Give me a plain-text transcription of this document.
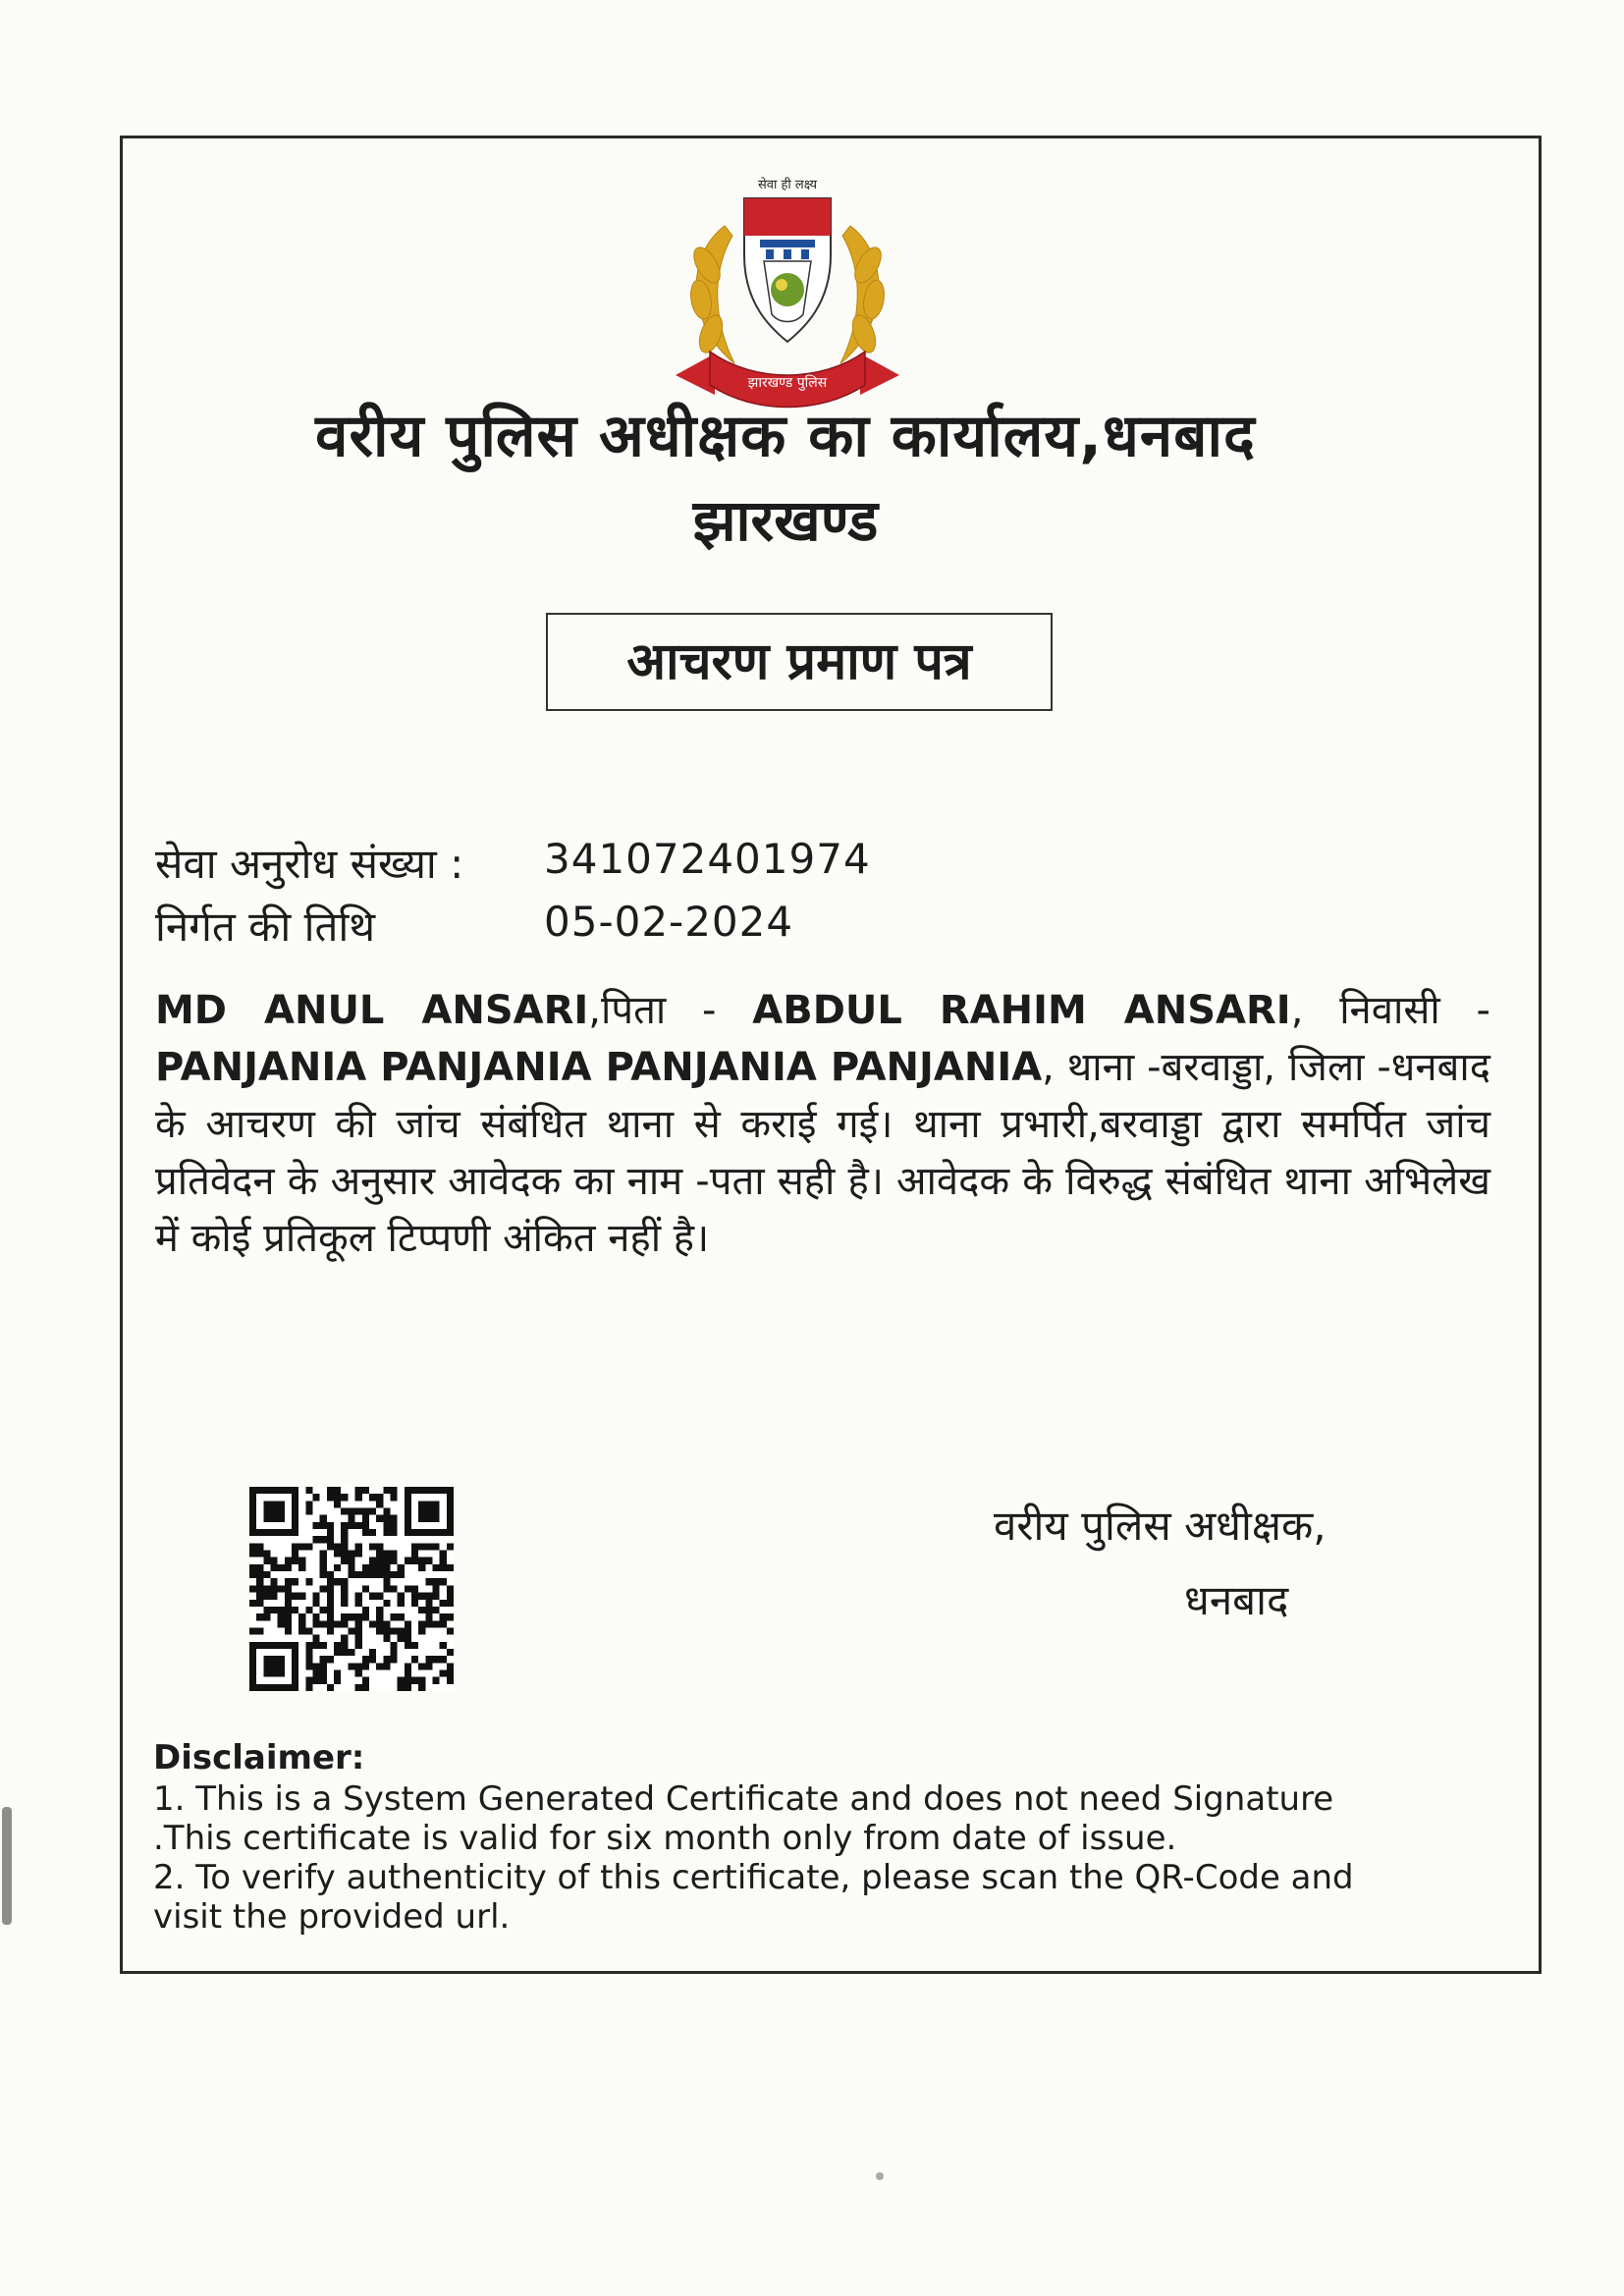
सेवा ही लक्ष्य
झारखण्ड पुलिस
वरीय पुलिस अधीक्षक का कार्यालय,धनबाद
झारखण्ड
आचरण प्रमाण पत्र
सेवा अनुरोध संख्या : 341072401974
निर्गत की तिथि	05-02-2024
MD ANUL ANSARI,पिता - ABDUL RAHIM ANSARI, निवासी - PANJANIA PANJANIA PANJANIA PANJANIA, थाना -बरवाड्डा, जिला -धनबाद के आचरण की जांच संबंधित थाना से कराई गई। थाना प्रभारी,बरवाड्डा द्वारा समर्पित जांच प्रतिवेदन के अनुसार आवेदक का नाम -पता सही है। आवेदक के विरुद्ध संबंधित थाना अभिलेख में कोई प्रतिकूल टिप्पणी अंकित नहीं है।
वरीय पुलिस अधीक्षक,
धनबाद
Disclaimer:

1. This is a System Generated Certificate and does not need Signature .This certificate is valid for six month only from date of issue.

2. To verify authenticity of this certificate, please scan the QR-Code and visit the provided url.
